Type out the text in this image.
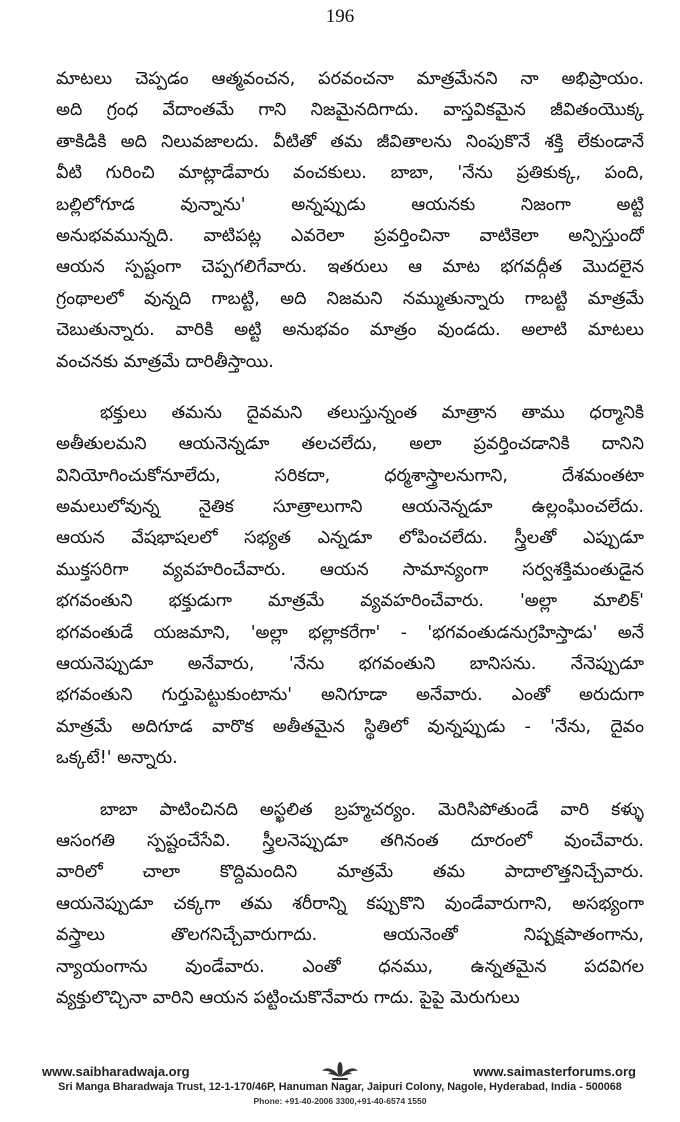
196
మాటలు చెప్పడం ఆత్మవంచన, పరవంచనా మాత్రమేనని నా అభిప్రాయం.
అది గ్రంధ వేదాంతమే గాని నిజమైనదిగాదు. వాస్తవికమైన జీవితంయొక్క
తాకిడికి అది నిలువజాలదు. వీటితో తమ జీవితాలను నింపుకొనే శక్తి లేకుండానే
వీటి గురించి మాట్లాడేవారు వంచకులు. బాబా, 'నేను ప్రతికుక్క, పంది,
బల్లిలోగూడ వున్నాను' అన్నప్పుడు ఆయనకు నిజంగా అట్టి
అనుభవమున్నది. వాటిపట్ల ఎవరెలా ప్రవర్తించినా వాటికెలా అన్పిస్తుందో
ఆయన స్పష్టంగా చెప్పగలిగేవారు. ఇతరులు ఆ మాట భగవద్గీత మొదలైన
గ్రంథాలలో వున్నది గాబట్టి, అది నిజమని నమ్ముతున్నారు గాబట్టి మాత్రమే
చెబుతున్నారు. వారికి అట్టి అనుభవం మాత్రం వుండదు. అలాటి మాటలు
వంచనకు మాత్రమే దారితీస్తాయి.
భక్తులు తమను దైవమని తలుస్తున్నంత మాత్రాన తాము ధర్మానికి
అతీతులమని ఆయనెన్నడూ తలచలేదు, అలా ప్రవర్తించడానికి దానిని
వినియోగించుకోనూలేదు, సరికదా, ధర్మశాస్త్రాలనుగాని, దేశమంతటా
అమలులోవున్న నైతిక సూత్రాలుగాని ఆయనెన్నడూ ఉల్లంఘించలేదు.
ఆయన వేషభాషలలో సభ్యత ఎన్నడూ లోపించలేదు. స్త్రీలతో ఎప్పుడూ
ముక్తసరిగా వ్యవహరించేవారు. ఆయన సామాన్యంగా సర్వశక్తిమంతుడైన
భగవంతుని భక్తుడుగా మాత్రమే వ్యవహరించేవారు. 'అల్లా మాలిక్'
భగవంతుడే యజమాని, 'అల్లా భల్లాకరేగా' - 'భగవంతుడనుగ్రహిస్తాడు' అనే
ఆయనెప్పుడూ అనేవారు, 'నేను భగవంతుని బానిసను. నేనెప్పుడూ
భగవంతుని గుర్తుపెట్టుకుంటాను' అనిగూడా అనేవారు. ఎంతో అరుదుగా
మాత్రమే అదిగూడ వారొక అతీతమైన స్థితిలో వున్నప్పుడు - 'నేను, దైవం
ఒక్కటే!' అన్నారు.
బాబా పాటించినది అస్ఖలిత బ్రహ్మచర్యం. మెరిసిపోతుండే వారి కళ్ళు
ఆసంగతి స్పష్టంచేసేవి. స్త్రీలనెప్పుడూ తగినంత దూరంలో వుంచేవారు.
వారిలో చాలా కొద్దిమందిని మాత్రమే తమ పాదాలొత్తనిచ్చేవారు.
ఆయనెప్పుడూ చక్కగా తమ శరీరాన్ని కప్పుకొని వుండేవారుగాని, అసభ్యంగా
వస్త్రాలు తొలగనిచ్చేవారుగాదు. ఆయనెంతో నిష్పక్షపాతంగాను,
న్యాయంగాను వుండేవారు. ఎంతో ధనము, ఉన్నతమైన పదవిగల
వ్యక్తులొచ్చినా వారిని ఆయన పట్టించుకొనేవారు గాదు. పైపై మెరుగులు
www.saibharadwaja.org	www.saimasterforums.org
Sri Manga Bharadwaja Trust, 12-1-170/46P, Hanuman Nagar, Jaipuri Colony, Nagole, Hyderabad, India - 500068
Phone: +91-40-2006 3300,+91-40-6574 1550
